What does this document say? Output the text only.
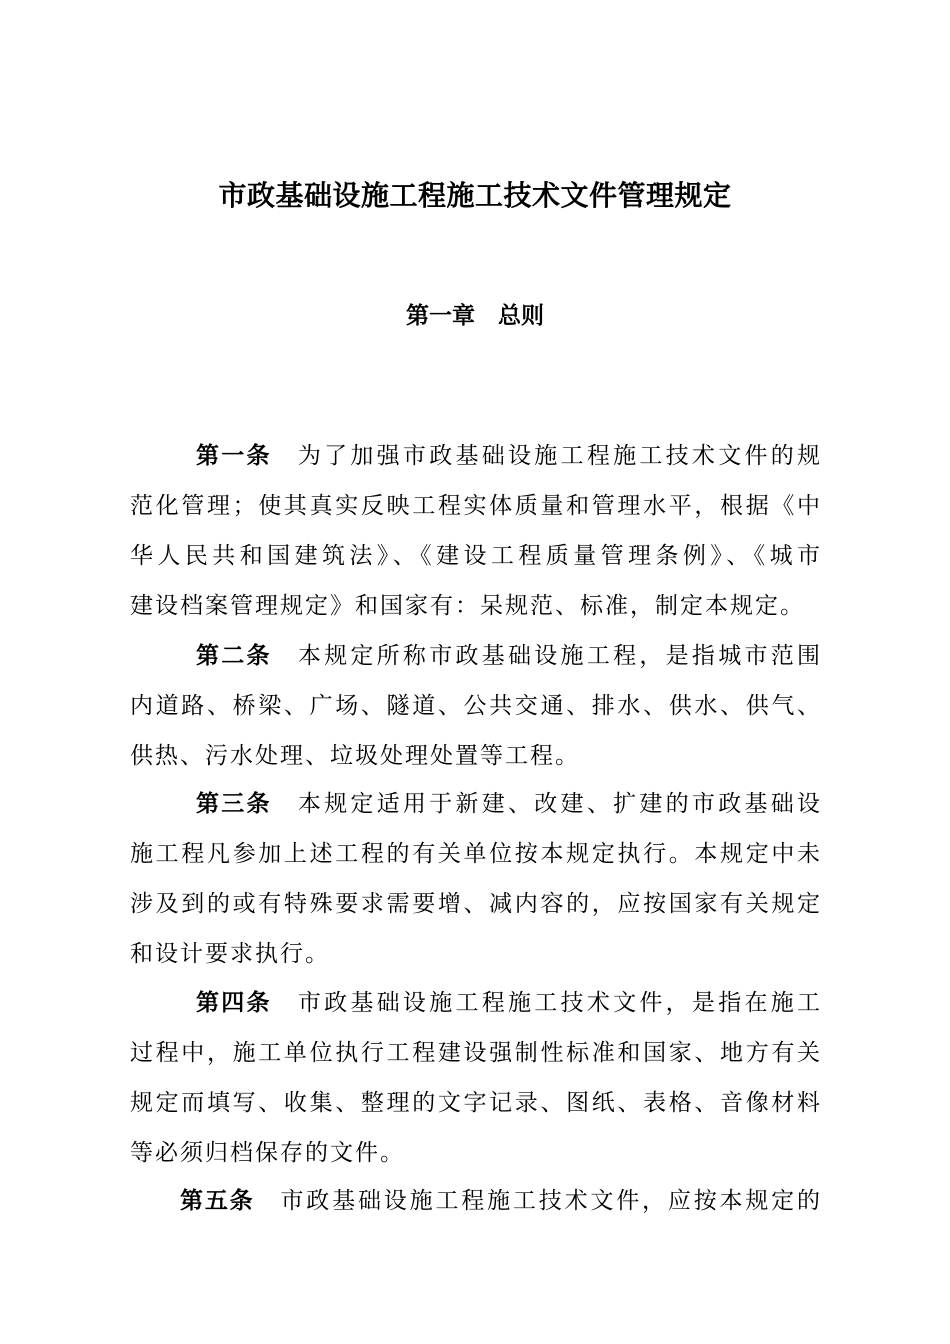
市政基础设施工程施工技术文件管理规定
第一章　总则
第一条 为了加强市政基础设施工程施工技术文件的规
范化管理；使其真实反映工程实体质量和管理水平，根据《中
华人民共和国建筑法》、《建设工程质量管理条例》、《城市
建设档案管理规定》和国家有：呆规范、标准，制定本规定。
第二条 本规定所称市政基础设施工程，是指城市范围
内道路、桥梁、广场、隧道、公共交通、排水、供水、供气、
供热、污水处理、垃圾处理处置等工程。
第三条 本规定适用于新建、改建、扩建的市政基础设
施工程凡参加上述工程的有关单位按本规定执行。本规定中未
涉及到的或有特殊要求需要增、减内容的，应按国家有关规定
和设计要求执行。
第四条 市政基础设施工程施工技术文件，是指在施工
过程中，施工单位执行工程建设强制性标准和国家、地方有关
规定而填写、收集、整理的文字记录、图纸、表格、音像材料
等必须归档保存的文件。
第五条 市政基础设施工程施工技术文件，应按本规定的
